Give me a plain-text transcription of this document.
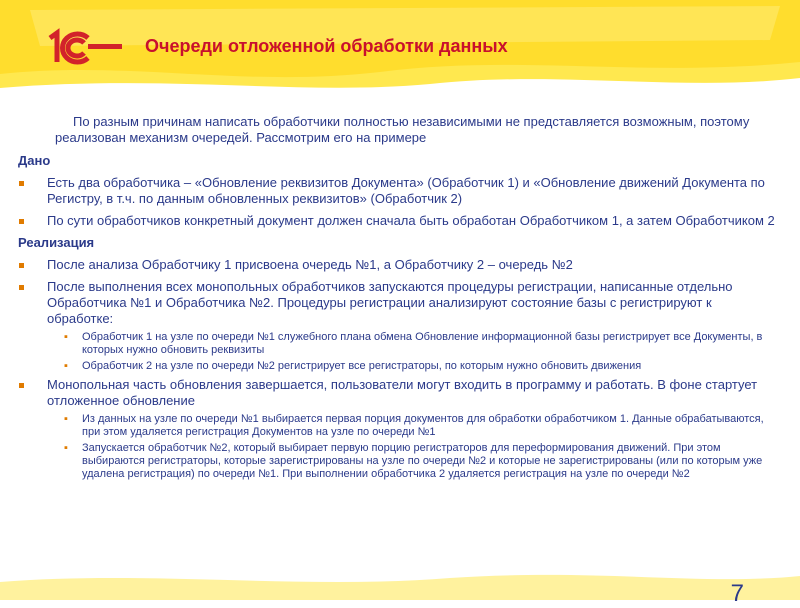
Очереди отложенной обработки данных

По разным причинам написать обработчики полностью независимыми не представляется возможным, поэтому реализован механизм очередей. Рассмотрим его на примере

Дано
Есть два обработчика – «Обновление реквизитов Документа» (Обработчик 1) и «Обновление движений Документа по Регистру, в т.ч. по данным обновленных реквизитов» (Обработчик 2)
По сути обработчиков конкретный документ должен сначала быть обработан Обработчиком 1, а затем Обработчиком 2
Реализация
После анализа Обработчику 1 присвоена очередь №1, а Обработчику 2 – очередь №2
После выполнения всех монопольных обработчиков запускаются процедуры регистрации, написанные отдельно Обработчика №1 и Обработчика №2. Процедуры регистрации анализируют состояние базы с регистрируют к обработке:
▪ Обработчик 1 на узле по очереди №1 служебного плана обмена Обновление информационной базы регистрирует все Документы, в которых нужно обновить реквизиты
▪ Обработчик 2 на узле по очереди №2 регистрирует все регистраторы, по которым нужно обновить движения
Монопольная часть обновления завершается, пользователи могут входить в программу и работать. В фоне стартует отложенное обновление
▪ Из данных на узле по очереди №1 выбирается первая порция документов для обработки обработчиком 1. Данные обрабатываются, при этом удаляется регистрация Документов на узле по очереди №1
▪ Запускается обработчик №2, который выбирает первую порцию регистраторов для переформирования движений. При этом выбираются регистраторы, которые зарегистрированы на узле по очереди №2 и которые не зарегистрированы (или по которым уже удалена регистрация) по очереди №1. При выполнении обработчика 2 удаляется регистрация на узле по очереди №2
7
